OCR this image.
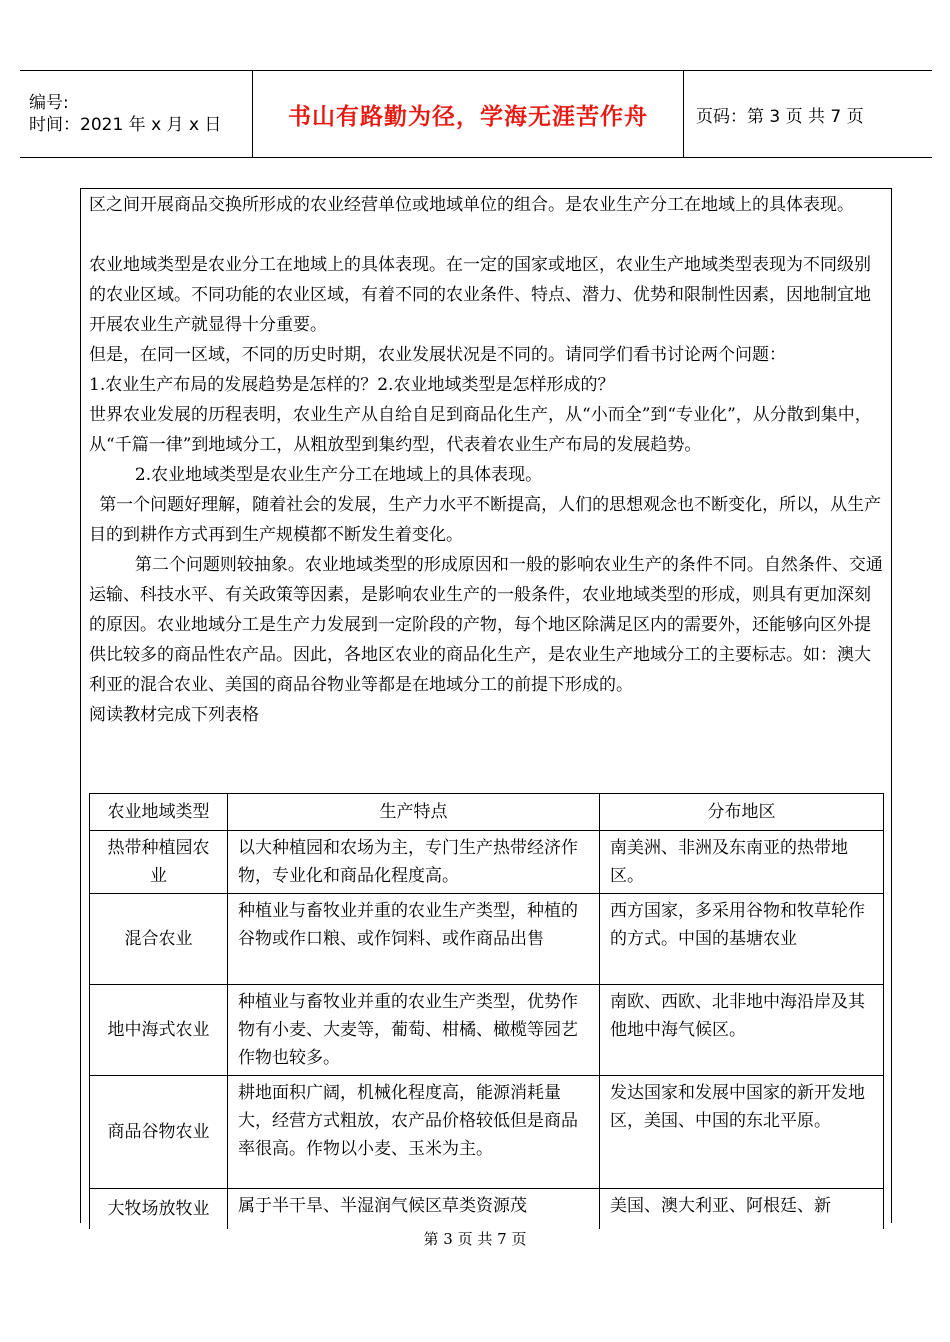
编号:
时间：2021 年 x 月 x 日	书山有路勤为径，学海无涯苦作舟	页码：第 3 页 共 7 页

区之间开展商品交换所形成的农业经营单位或地域单位的组合。是农业生产分工在地域上的具体表现。

农业地域类型是农业分工在地域上的具体表现。在一定的国家或地区，农业生产地域类型表现为不同级别的农业区域。不同功能的农业区域，有着不同的农业条件、特点、潜力、优势和限制性因素，因地制宜地开展农业生产就显得十分重要。

但是，在同一区域，不同的历史时期，农业发展状况是不同的。请同学们看书讨论两个问题：

1.农业生产布局的发展趋势是怎样的？2.农业地域类型是怎样形成的？

世界农业发展的历程表明，农业生产从自给自足到商品化生产，从“小而全”到“专业化”，从分散到集中，从“千篇一律”到地域分工，从粗放型到集约型，代表着农业生产布局的发展趋势。

2.农业地域类型是农业生产分工在地域上的具体表现。

第一个问题好理解，随着社会的发展，生产力水平不断提高，人们的思想观念也不断变化，所以，从生产目的到耕作方式再到生产规模都不断发生着变化。

第二个问题则较抽象。农业地域类型的形成原因和一般的影响农业生产的条件不同。自然条件、交通运输、科技水平、有关政策等因素，是影响农业生产的一般条件，农业地域类型的形成，则具有更加深刻的原因。农业地域分工是生产力发展到一定阶段的产物，每个地区除满足区内的需要外，还能够向区外提供比较多的商品性农产品。因此，各地区农业的商品化生产，是农业生产地域分工的主要标志。如：澳大利亚的混合农业、美国的商品谷物业等都是在地域分工的前提下形成的。

阅读教材完成下列表格

农业地域类型	生产特点	分布地区
热带种植园农业	以大种植园和农场为主，专门生产热带经济作物，专业化和商品化程度高。	南美洲、非洲及东南亚的热带地区。
混合农业	种植业与畜牧业并重的农业生产类型，种植的谷物或作口粮、或作饲料、或作商品出售	西方国家，多采用谷物和牧草轮作的方式。中国的基塘农业
地中海式农业	种植业与畜牧业并重的农业生产类型，优势作物有小麦、大麦等，葡萄、柑橘、橄榄等园艺作物也较多。	南欧、西欧、北非地中海沿岸及其他地中海气候区。
商品谷物农业	耕地面积广阔，机械化程度高，能源消耗量大，经营方式粗放，农产品价格较低但是商品率很高。作物以小麦、玉米为主。	发达国家和发展中国家的新开发地区，美国、中国的东北平原。
大牧场放牧业	属于半干旱、半湿润气候区草类资源茂	美国、澳大利亚、阿根廷、新
第 3 页 共 7 页
